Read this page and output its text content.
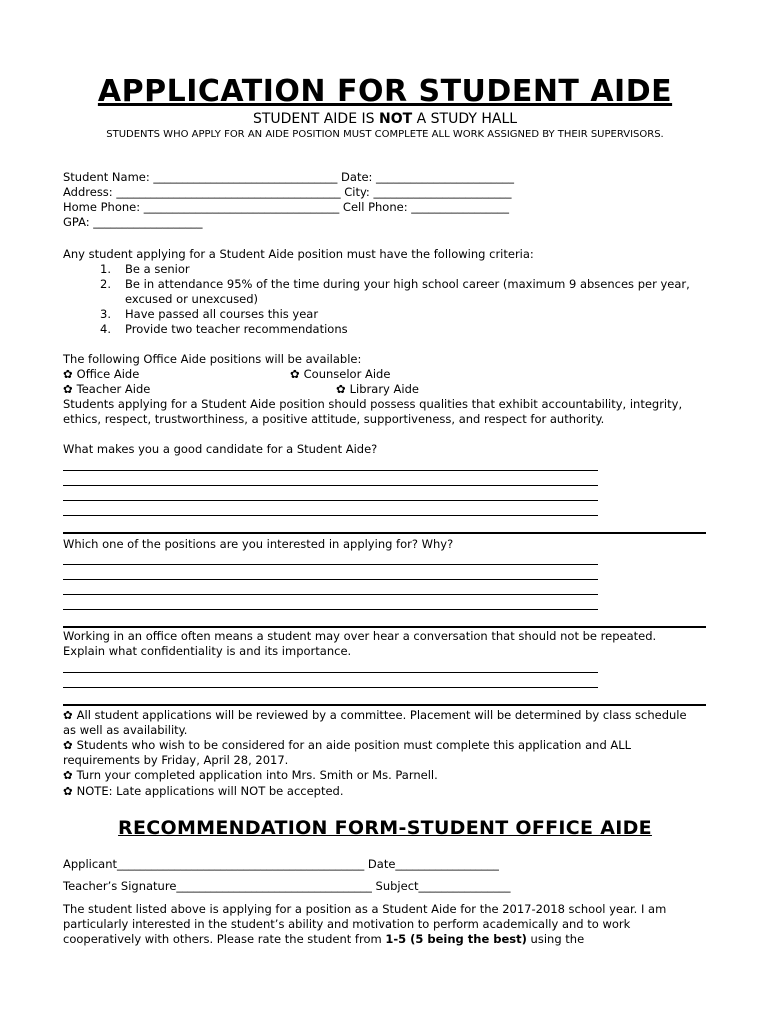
APPLICATION FOR STUDENT AIDE
STUDENT AIDE IS NOT A STUDY HALL
STUDENTS WHO APPLY FOR AN AIDE POSITION MUST COMPLETE ALL WORK ASSIGNED BY THEIR SUPERVISORS.
Student Name: ________________________________ Date: ________________________
Address: _______________________________________ City: ________________________
Home Phone: __________________________________ Cell Phone: _________________
GPA: ___________________
Any student applying for a Student Aide position must have the following criteria:
1.	Be a senior
2.	Be in attendance 95% of the time during your high school career (maximum 9 absences per year, excused or unexcused)
3.	Have passed all courses this year
4.	Provide two teacher recommendations
The following Office Aide positions will be available:
✿ Office Aide	✿ Counselor Aide
✿ Teacher Aide	✿ Library Aide
Students applying for a Student Aide position should possess qualities that exhibit accountability, integrity, ethics, respect, trustworthiness, a positive attitude, supportiveness, and respect for authority.
What makes you a good candidate for a Student Aide?
Which one of the positions are you interested in applying for? Why?
Working in an office often means a student may over hear a conversation that should not be repeated. Explain what confidentiality is and its importance.
✿ All student applications will be reviewed by a committee. Placement will be determined by class schedule as well as availability.
✿ Students who wish to be considered for an aide position must complete this application and ALL requirements by Friday, April 28, 2017.
✿ Turn your completed application into Mrs. Smith or Ms. Parnell.
✿ NOTE: Late applications will NOT be accepted.
RECOMMENDATION FORM-STUDENT OFFICE AIDE
Applicant___________________________________________ Date__________________
Teacher’s Signature__________________________________ Subject________________
The student listed above is applying for a position as a Student Aide for the 2017-2018 school year. I am particularly interested in the student’s ability and motivation to perform academically and to work cooperatively with others. Please rate the student from 1-5 (5 being the best) using the
